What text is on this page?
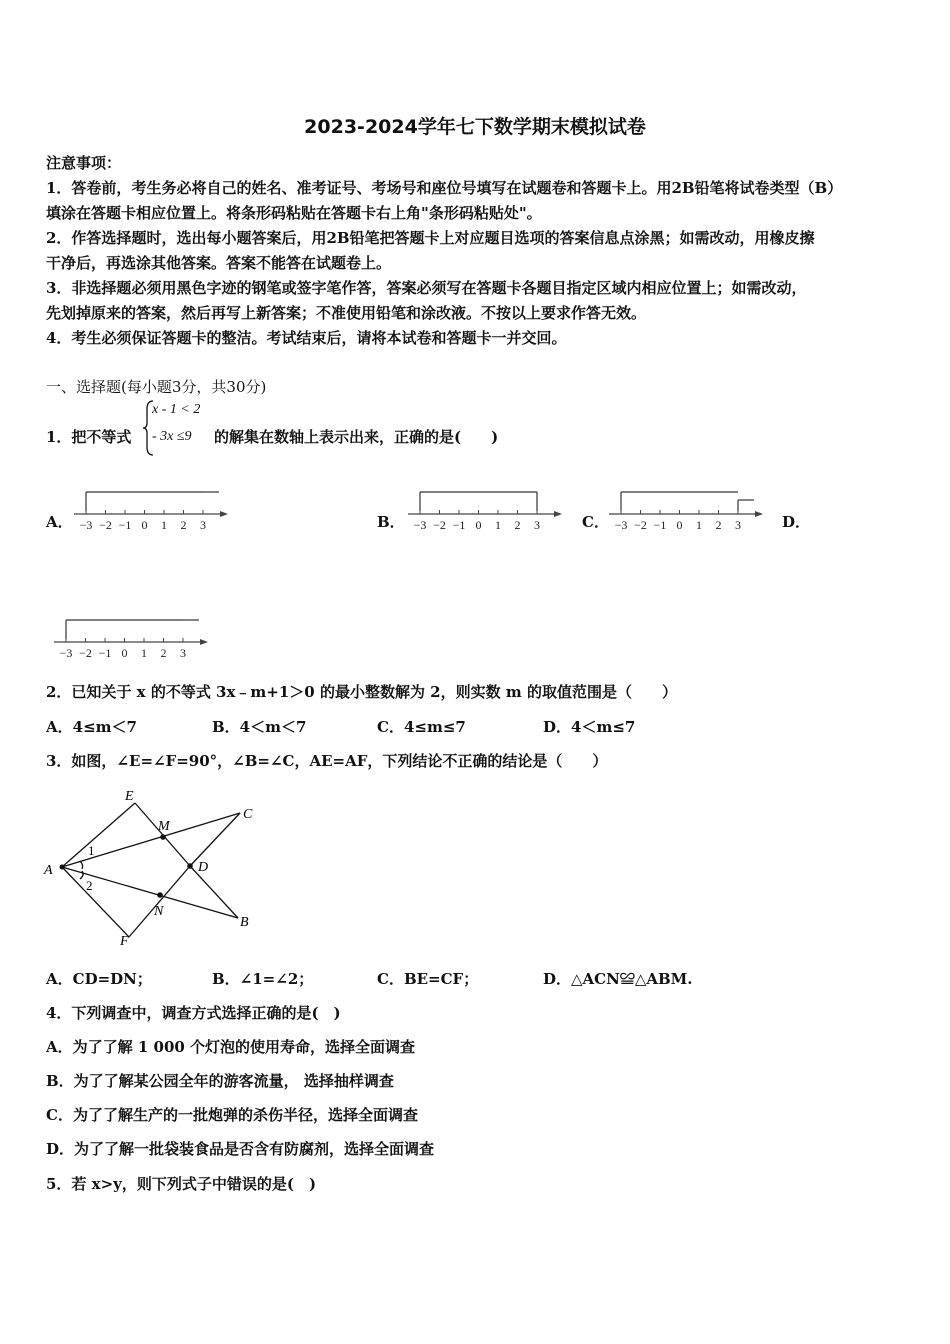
2023-2024学年七下数学期末模拟试卷
注意事项：
1．答卷前，考生务必将自己的姓名、准考证号、考场号和座位号填写在试题卷和答题卡上。用2B铅笔将试卷类型（B）
填涂在答题卡相应位置上。将条形码粘贴在答题卡右上角"条形码粘贴处"。
2．作答选择题时，选出每小题答案后，用2B铅笔把答题卡上对应题目选项的答案信息点涂黑；如需改动，用橡皮擦
干净后，再选涂其他答案。答案不能答在试题卷上。
3．非选择题必须用黑色字迹的钢笔或签字笔作答，答案必须写在答题卡各题目指定区域内相应位置上；如需改动，
先划掉原来的答案，然后再写上新答案；不准使用铅笔和涂改液。不按以上要求作答无效。
4．考生必须保证答题卡的整洁。考试结束后，请将本试卷和答题卡一并交回。
一、选择题(每小题3分，共30分)
1．把不等式
x - 1 < 2
- 3x ≤9 的解集在数轴上表示出来，正确的是(　　)
A． −3 −2 −1 0 1 2 3	B． −3 −2 −1 0 1 2 3	C． −3 −2 −1 0 1 2 3	D．
−3 −2 −1 0 1 2 3
2．已知关于 x 的不等式 3x﹣m+1＞0 的最小整数解为 2，则实数 m 的取值范围是（　　）
A．4≤m＜7	B．4＜m＜7	C．4≤m≤7	D．4＜m≤7
3．如图，∠E=∠F=90°，∠B=∠C，AE=AF，下列结论不正确的结论是（　　）
E
M
C
A	D
N
B
F
1
2
A．CD=DN；	B．∠1=∠2；	C．BE=CF；	D．△ACN≌△ABM.
4．下列调查中，调查方式选择正确的是(　)
A．为了了解 1 000 个灯泡的使用寿命，选择全面调查
B．为了了解某公园全年的游客流量， 选择抽样调查
C．为了了解生产的一批炮弹的杀伤半径，选择全面调查
D．为了了解一批袋装食品是否含有防腐剂，选择全面调查
5．若 x>y，则下列式子中错误的是(　)
